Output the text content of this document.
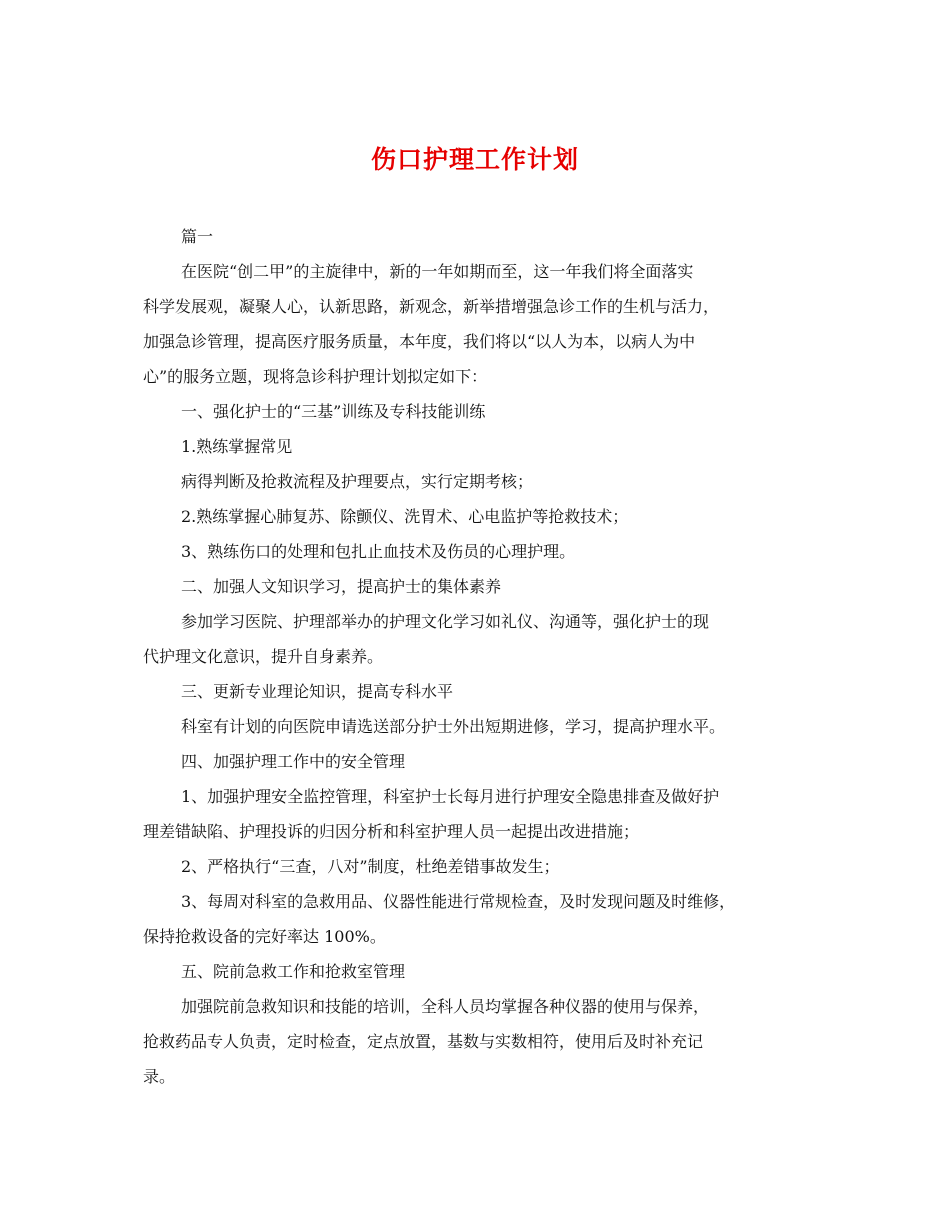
伤口护理工作计划

篇一

在医院“创二甲”的主旋律中，新的一年如期而至，这一年我们将全面落实

科学发展观，凝聚人心，认新思路，新观念，新举措增强急诊工作的生机与活力，

加强急诊管理，提高医疗服务质量，本年度，我们将以“以人为本，以病人为中

心”的服务立题，现将急诊科护理计划拟定如下：

一、强化护士的“三基”训练及专科技能训练

1.熟练掌握常见

病得判断及抢救流程及护理要点，实行定期考核；

2.熟练掌握心肺复苏、除颤仪、洗胃术、心电监护等抢救技术；

3、熟练伤口的处理和包扎止血技术及伤员的心理护理。

二、加强人文知识学习，提高护士的集体素养

参加学习医院、护理部举办的护理文化学习如礼仪、沟通等，强化护士的现

代护理文化意识，提升自身素养。

三、更新专业理论知识，提高专科水平

科室有计划的向医院申请选送部分护士外出短期进修，学习，提高护理水平。

四、加强护理工作中的安全管理

1、加强护理安全监控管理，科室护士长每月进行护理安全隐患排查及做好护

理差错缺陷、护理投诉的归因分析和科室护理人员一起提出改进措施；

2、严格执行“三查，八对”制度，杜绝差错事故发生；

3、每周对科室的急救用品、仪器性能进行常规检查，及时发现问题及时维修，

保持抢救设备的完好率达 100%。

五、院前急救工作和抢救室管理

加强院前急救知识和技能的培训，全科人员均掌握各种仪器的使用与保养，

抢救药品专人负责，定时检查，定点放置，基数与实数相符，使用后及时补充记

录。
